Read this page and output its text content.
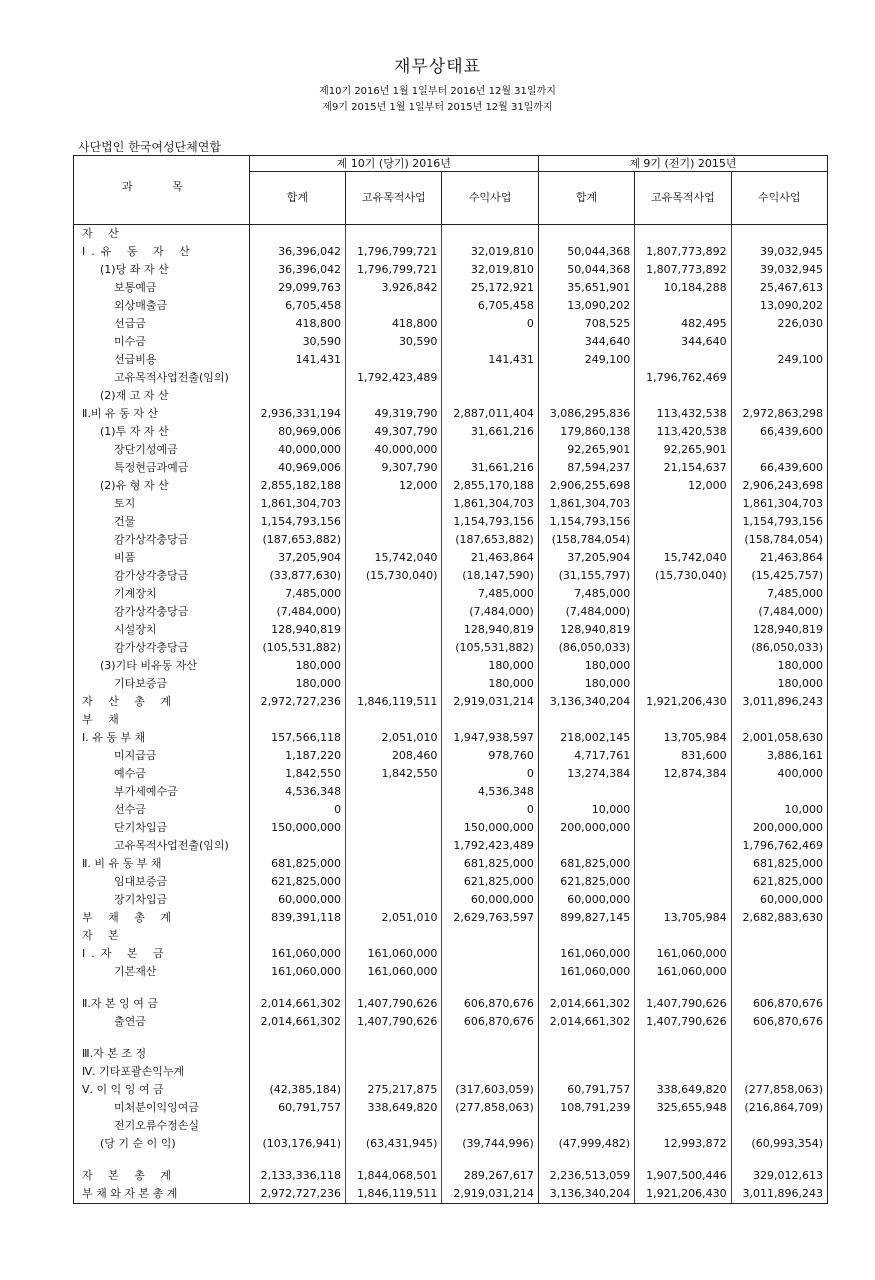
재무상태표
제10기 2016년 1월 1일부터 2016년 12월 31일까지
제9기 2015년 1월 1일부터 2015년 12월 31일까지
사단법인 한국여성단체연합
과 목	제 10기 (당기) 2016년			제 9기 (전기) 2015년		
	합계	고유목적사업	수익사업	합계	고유목적사업	수익사업
자 산						
Ⅰ.유 동 자 산	36,396,042	1,796,799,721	32,019,810	50,044,368	1,807,773,892	39,032,945
(1)당 좌 자 산	36,396,042	1,796,799,721	32,019,810	50,044,368	1,807,773,892	39,032,945
보통예금	29,099,763	3,926,842	25,172,921	35,651,901	10,184,288	25,467,613
외상매출금	6,705,458		6,705,458	13,090,202		13,090,202
선급금	418,800	418,800	0	708,525	482,495	226,030
미수금	30,590	30,590		344,640	344,640	
선급비용	141,431		141,431	249,100		249,100
고유목적사업전출(임의)		1,792,423,489			1,796,762,469	
(2)재 고 자 산						
Ⅱ.비 유 동 자 산	2,936,331,194	49,319,790	2,887,011,404	3,086,295,836	113,432,538	2,972,863,298
(1)투 자 자 산	80,969,006	49,307,790	31,661,216	179,860,138	113,420,538	66,439,600
장단기성예금	40,000,000	40,000,000		92,265,901	92,265,901	
특정현금과예금	40,969,006	9,307,790	31,661,216	87,594,237	21,154,637	66,439,600
(2)유 형 자 산	2,855,182,188	12,000	2,855,170,188	2,906,255,698	12,000	2,906,243,698
토지	1,861,304,703		1,861,304,703	1,861,304,703		1,861,304,703
건물	1,154,793,156		1,154,793,156	1,154,793,156		1,154,793,156
감가상각충당금	(187,653,882)		(187,653,882)	(158,784,054)		(158,784,054)
비품	37,205,904	15,742,040	21,463,864	37,205,904	15,742,040	21,463,864
감가상각충당금	(33,877,630)	(15,730,040)	(18,147,590)	(31,155,797)	(15,730,040)	(15,425,757)
기계장치	7,485,000		7,485,000	7,485,000		7,485,000
감가상각충당금	(7,484,000)		(7,484,000)	(7,484,000)		(7,484,000)
시설장치	128,940,819		128,940,819	128,940,819		128,940,819
감가상각충당금	(105,531,882)		(105,531,882)	(86,050,033)		(86,050,033)
(3)기타 비유동 자산	180,000		180,000	180,000		180,000
기타보증금	180,000		180,000	180,000		180,000
자 산 총 계	2,972,727,236	1,846,119,511	2,919,031,214	3,136,340,204	1,921,206,430	3,011,896,243
부 채						
Ⅰ. 유 동 부 채	157,566,118	2,051,010	1,947,938,597	218,002,145	13,705,984	2,001,058,630
미지급금	1,187,220	208,460	978,760	4,717,761	831,600	3,886,161
예수금	1,842,550	1,842,550	0	13,274,384	12,874,384	400,000
부가세예수금	4,536,348		4,536,348			
선수금	0		0	10,000		10,000
단기차입금	150,000,000		150,000,000	200,000,000		200,000,000
고유목적사업전출(임의)			1,792,423,489			1,796,762,469
Ⅱ. 비 유 동 부 채	681,825,000		681,825,000	681,825,000		681,825,000
임대보증금	621,825,000		621,825,000	621,825,000		621,825,000
장기차입금	60,000,000		60,000,000	60,000,000		60,000,000
부 채 총 계	839,391,118	2,051,010	2,629,763,597	899,827,145	13,705,984	2,682,883,630
자 본						
Ⅰ.자 본 금	161,060,000	161,060,000		161,060,000	161,060,000	
기본재산	161,060,000	161,060,000		161,060,000	161,060,000	
Ⅱ.자 본 잉 여 금	2,014,661,302	1,407,790,626	606,870,676	2,014,661,302	1,407,790,626	606,870,676
출연금	2,014,661,302	1,407,790,626	606,870,676	2,014,661,302	1,407,790,626	606,870,676
Ⅲ.자 본 조 정						
Ⅳ. 기타포괄손익누계						
Ⅴ. 이 익 잉 여 금	(42,385,184)	275,217,875	(317,603,059)	60,791,757	338,649,820	(277,858,063)
미처분이익잉여금	60,791,757	338,649,820	(277,858,063)	108,791,239	325,655,948	(216,864,709)
전기오류수정손실						
(당 기 순 이 익)	(103,176,941)	(63,431,945)	(39,744,996)	(47,999,482)	12,993,872	(60,993,354)
자 본 총 계	2,133,336,118	1,844,068,501	289,267,617	2,236,513,059	1,907,500,446	329,012,613
부 채 와 자 본 총 계	2,972,727,236	1,846,119,511	2,919,031,214	3,136,340,204	1,921,206,430	3,011,896,243
